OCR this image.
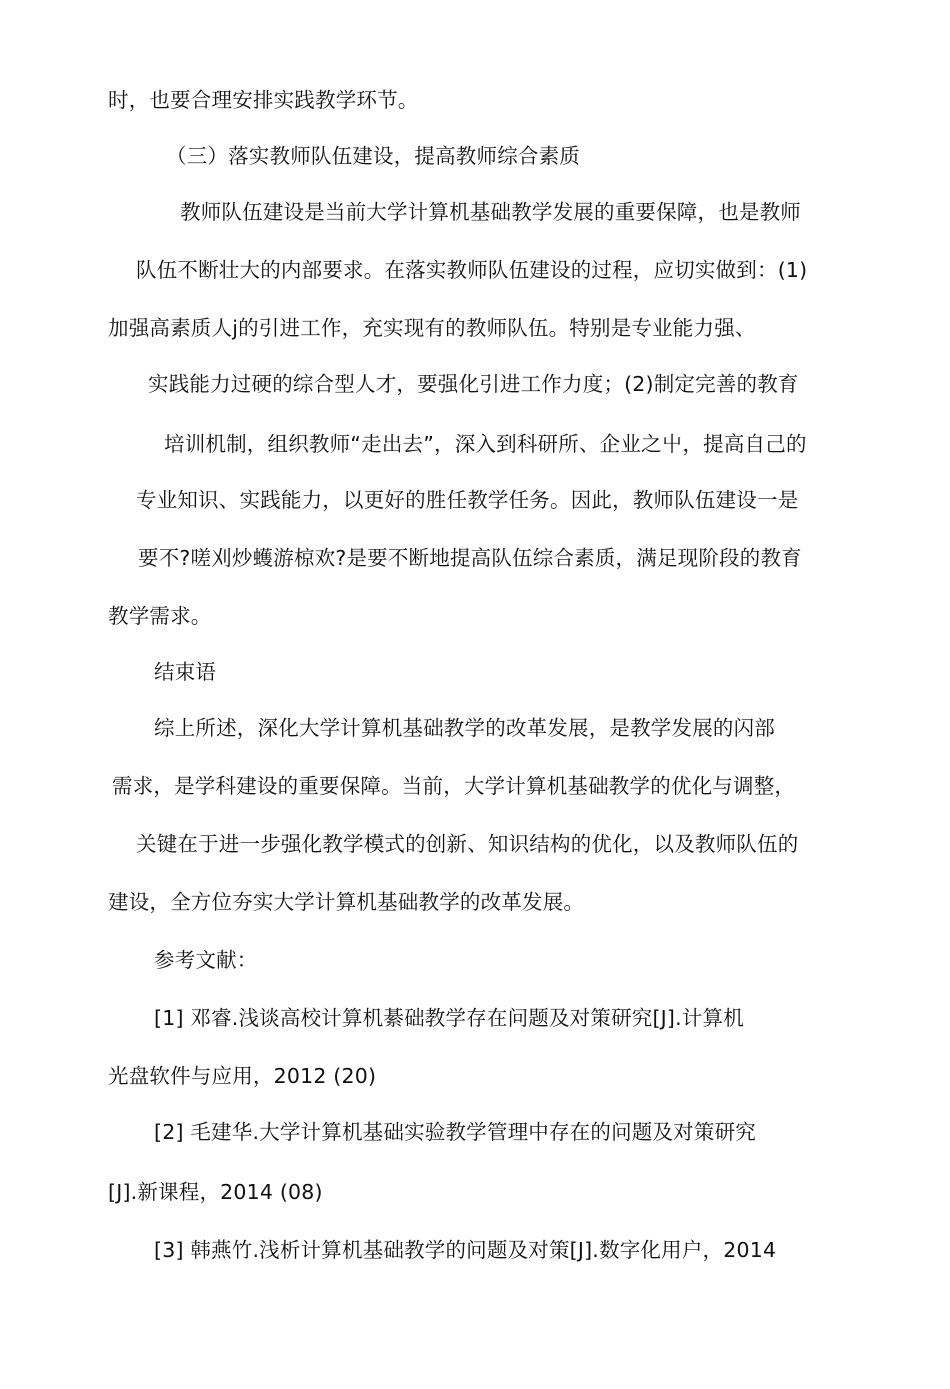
时，也要合理安排实践教学环节。
（三）落实教师队伍建设，提高教师综合素质
教师队伍建设是当前大学计算机基础教学发展的重要保障，也是教师
队伍不断壮大的内部要求。在落实教师队伍建设的过程，应切实做到：(1)
加强高素质人j的引进工作，充实现有的教师队伍。特别是专业能力强、
实践能力过硬的综合型人才，要强化引进工作力度；(2)制定完善的教育
培训机制，组织教师“走出去”，深入到科研所、企业之屮，提高自己的
专业知识、实践能力，以更好的胜任教学任务。因此，教师队伍建设一是
要不?嗟刈炒蠖游椋欢?是要不断地提高队伍综合素质，满足现阶段的教育
教学需求。
结束语
综上所述，深化大学计算机基础教学的改革发展，是教学发展的闪部
需求，是学科建设的重要保障。当前，大学计算机基础教学的优化与调整，
关键在于进一步强化教学模式的创新、知识结构的优化，以及教师队伍的
建设，全方位夯实大学计算机基础教学的改革发展。
参考文献：
[1] 邓睿.浅谈高校计算机綦础教学存在问题及对策研究[J].计算机
光盘软件与应用，2012 (20)
[2] 毛建华.大学计算机基础实验教学管理中存在的问题及对策研究
[J].新课程，2014 (08)
[3] 韩燕竹.浅析计算机基础教学的问题及对策[J].数字化用户，2014
